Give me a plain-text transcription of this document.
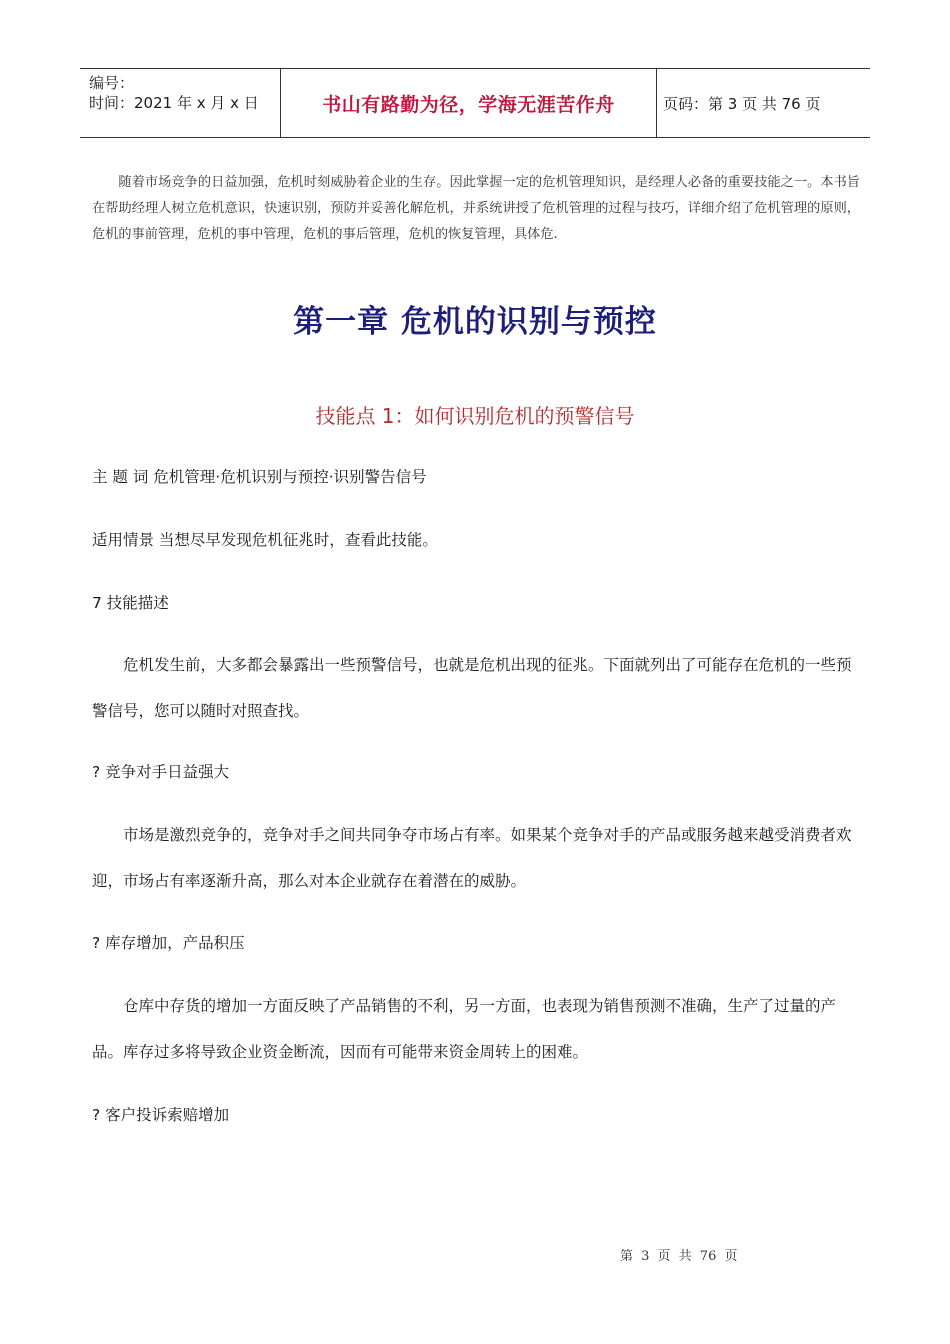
编号：
时间：2021 年 x 月 x 日	书山有路勤为径，学海无涯苦作舟	页码：第 3 页 共 76 页
随着市场竞争的日益加强，危机时刻威胁着企业的生存。因此掌握一定的危机管理知识，是经理人必备的重要技能之一。本书旨在帮助经理人树立危机意识，快速识别，预防并妥善化解危机，并系统讲授了危机管理的过程与技巧，详细介绍了危机管理的原则，危机的事前管理，危机的事中管理，危机的事后管理，危机的恢复管理，具体危.
第一章 危机的识别与预控
技能点 1：如何识别危机的预警信号
主 题 词 危机管理·危机识别与预控·识别警告信号
适用情景 当想尽早发现危机征兆时，查看此技能。
7 技能描述
危机发生前，大多都会暴露出一些预警信号，也就是危机出现的征兆。下面就列出了可能存在危机的一些预警信号，您可以随时对照查找。
? 竞争对手日益强大
市场是激烈竞争的，竞争对手之间共同争夺市场占有率。如果某个竞争对手的产品或服务越来越受消费者欢迎，市场占有率逐渐升高，那么对本企业就存在着潜在的威胁。
? 库存增加，产品积压
仓库中存货的增加一方面反映了产品销售的不利，另一方面，也表现为销售预测不准确，生产了过量的产品。库存过多将导致企业资金断流，因而有可能带来资金周转上的困难。
? 客户投诉索赔增加
第 3 页 共 76 页
